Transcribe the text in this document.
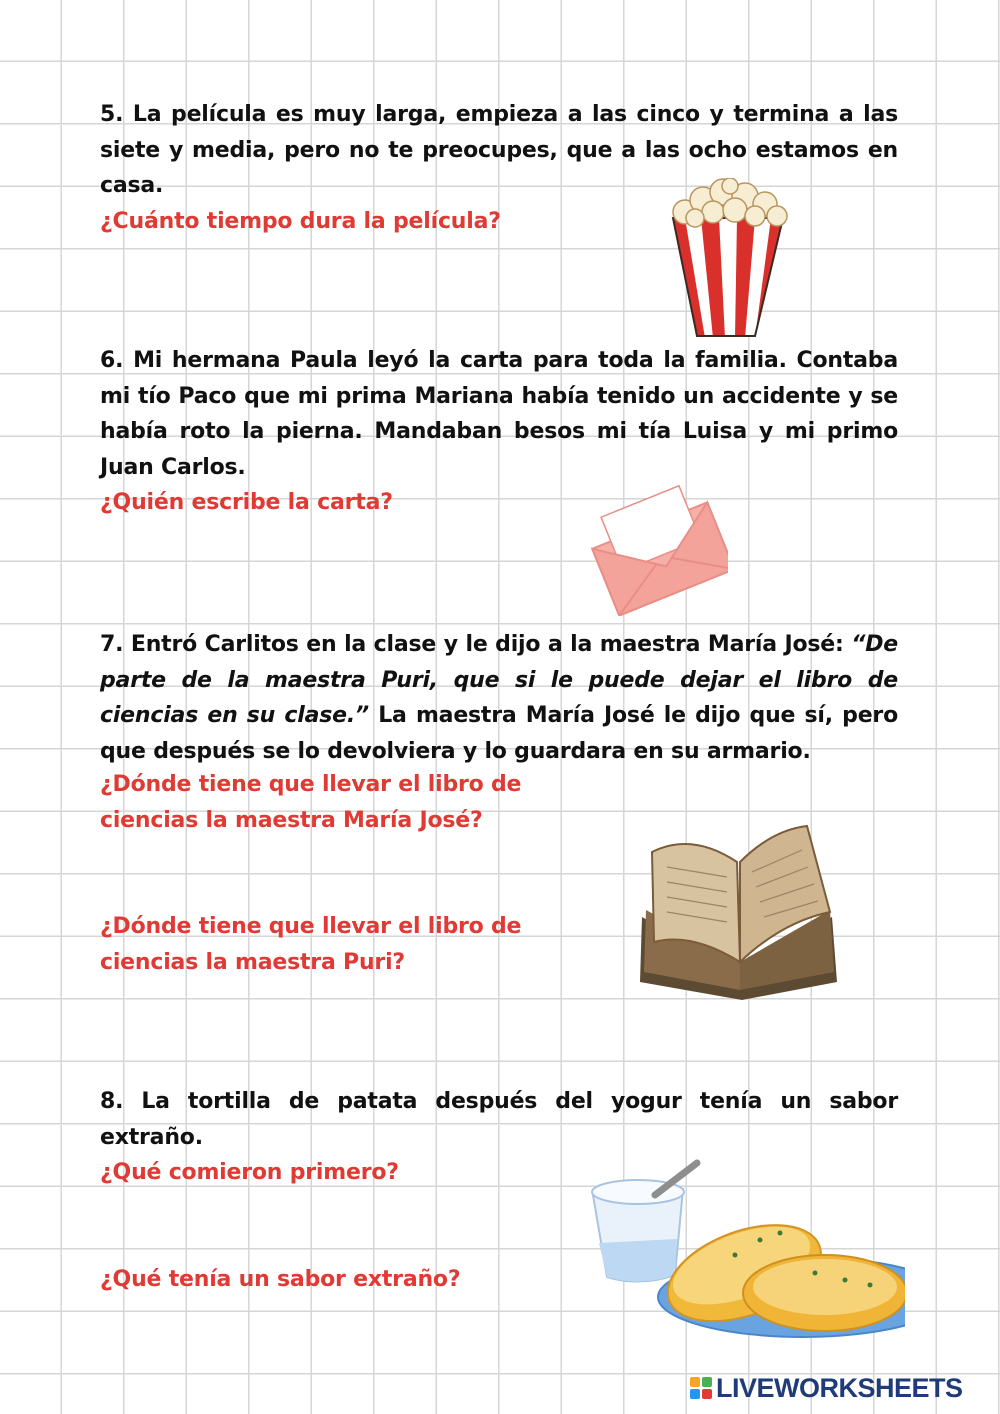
5. La película es muy larga, empieza a las cinco y termina a las siete y media, pero no te preocupes, que a las ocho estamos en casa.
¿Cuánto tiempo dura la película?
6. Mi hermana Paula leyó la carta para toda la familia. Contaba mi tío Paco que mi prima Mariana había tenido un accidente y se había roto la pierna. Mandaban besos mi tía Luisa y mi primo Juan Carlos.
¿Quién escribe la carta?
7. Entró Carlitos en la clase y le dijo a la maestra María José: “De parte de la maestra Puri, que si le puede dejar el libro de ciencias en su clase.” La maestra María José le dijo que sí, pero que después se lo devolviera y lo guardara en su armario.
¿Dónde tiene que llevar el libro de
ciencias la maestra María José?
¿Dónde tiene que llevar el libro de
ciencias la maestra Puri?
8. La tortilla de patata después del yogur tenía un sabor extraño.
¿Qué comieron primero?
¿Qué tenía un sabor extraño?
LIVEWORKSHEETS
